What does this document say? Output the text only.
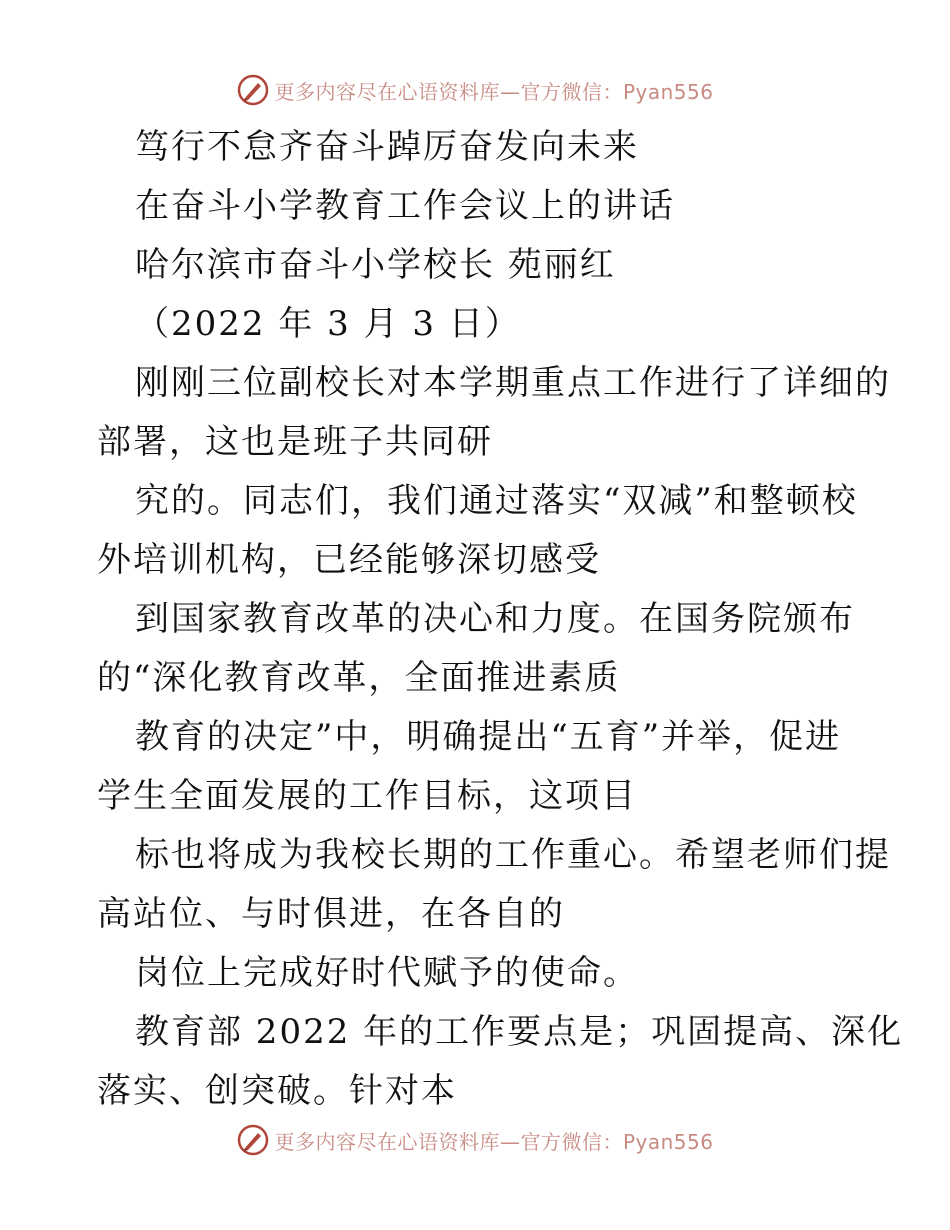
更多内容尽在心语资料库—官方微信：Pyan556
笃行不怠齐奋斗踔厉奋发向未来
在奋斗小学教育工作会议上的讲话
哈尔滨市奋斗小学校长 苑丽红
（2022 年 3 月 3 日）
刚刚三位副校长对本学期重点工作进行了详细的
部署，这也是班子共同研
究的。同志们，我们通过落实“双减”和整顿校
外培训机构，已经能够深切感受
到国家教育改革的决心和力度。在国务院颁布
的“深化教育改革，全面推进素质
教育的决定”中，明确提出“五育”并举，促进
学生全面发展的工作目标，这项目
标也将成为我校长期的工作重心。希望老师们提
高站位、与时俱进，在各自的
岗位上完成好时代赋予的使命。
教育部 2022 年的工作要点是；巩固提高、深化
落实、创突破。针对本
更多内容尽在心语资料库—官方微信：Pyan556
